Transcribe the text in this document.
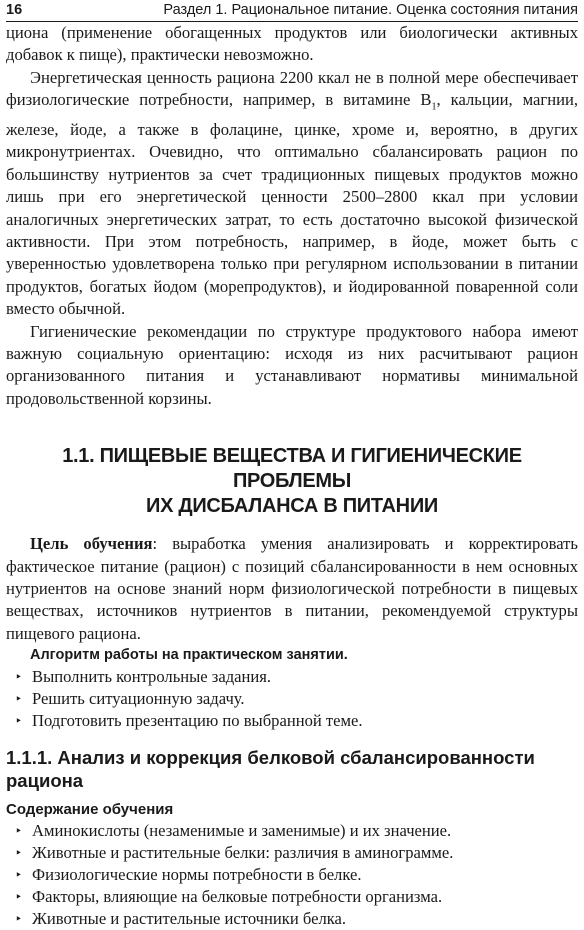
16	Раздел 1. Рациональное питание. Оценка состояния питания

циона (применение обогащенных продуктов или биологически активных добавок к пище), практически невозможно.

Энергетическая ценность рациона 2200 ккал не в полной мере обеспечивает физиологические потребности, например, в витамине $B_1$, кальции, магнии, железе, йоде, а также в фолацине, цинке, хроме и, вероятно, в других микронутриентах. Очевидно, что оптимально сбалансировать рацион по большинству нутриентов за счет традиционных пищевых продуктов можно лишь при его энергетической ценности 2500–2800 ккал при условии аналогичных энергетических затрат, то есть достаточно высокой физической активности. При этом потребность, например, в йоде, может быть с уверенностью удовлетворена только при регулярном использовании в питании продуктов, богатых йодом (морепродуктов), и йодированной поваренной соли вместо обычной.

Гигиенические рекомендации по структуре продуктового набора имеют важную социальную ориентацию: исходя из них расчитывают рацион организованного питания и устанавливают нормативы минимальной продовольственной корзины.

1.1. ПИЩЕВЫЕ ВЕЩЕСТВА И ГИГИЕНИЧЕСКИЕ ПРОБЛЕМЫ
ИХ ДИСБАЛАНСА В ПИТАНИИ

Цель обучения: выработка умения анализировать и корректировать фактическое питание (рацион) с позиций сбалансированности в нем основных нутриентов на основе знаний норм физиологической потребности в пищевых веществах, источников нутриентов в питании, рекомендуемой структуры пищевого рациона.

Алгоритм работы на практическом занятии.

‣ Выполнить контрольные задания.
‣ Решить ситуационную задачу.
‣ Подготовить презентацию по выбранной теме.
1.1.1. Анализ и коррекция белковой сбалансированности
рациона

Содержание обучения

‣ Аминокислоты (незаменимые и заменимые) и их значение.
‣ Животные и растительные белки: различия в аминограмме.
‣ Физиологические нормы потребности в белке.
‣ Факторы, влияющие на белковые потребности организма.
‣ Животные и растительные источники белка.
